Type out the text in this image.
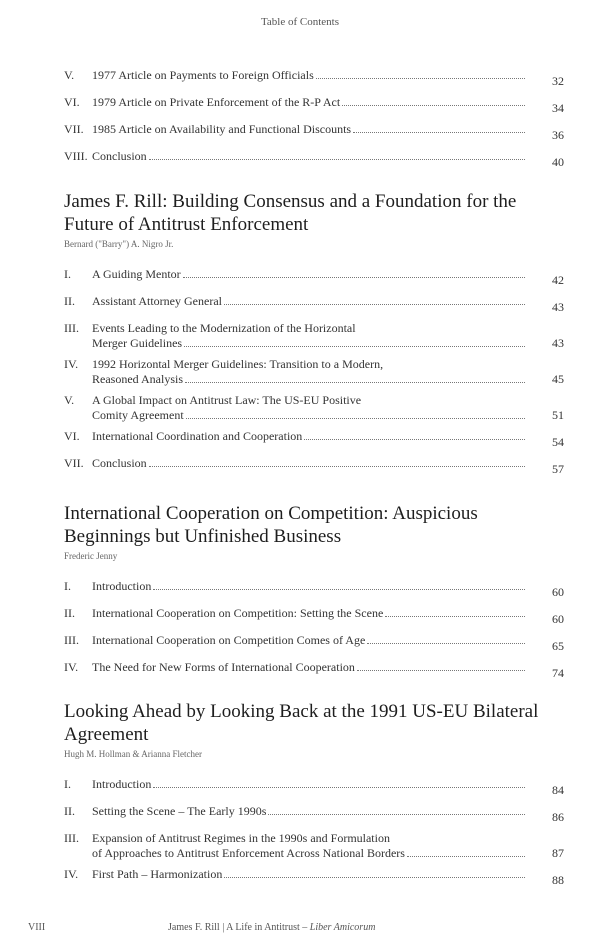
Table of Contents
V.	1977 Article on Payments to Foreign Officials	32
VI.	1979 Article on Private Enforcement of the R-P Act	34
VII. 1985 Article on Availability and Functional Discounts	36
VIII. Conclusion	40
James F. Rill: Building Consensus and a Foundation for the Future of Antitrust Enforcement
Bernard ("Barry") A. Nigro Jr.
I.	A Guiding Mentor	42
II.	Assistant Attorney General	43
III.	Events Leading to the Modernization of the Horizontal
Merger Guidelines	43
IV.	1992 Horizontal Merger Guidelines: Transition to a Modern,
Reasoned Analysis	45
V.	A Global Impact on Antitrust Law: The US-EU Positive
Comity Agreement	51
VI.	International Coordination and Cooperation	54
VII. Conclusion	57
International Cooperation on Competition: Auspicious Beginnings but Unfinished Business
Frederic Jenny
I.	Introduction	60
II.	International Cooperation on Competition: Setting the Scene	60
III.	International Cooperation on Competition Comes of Age	65
IV.	The Need for New Forms of International Cooperation	74
Looking Ahead by Looking Back at the 1991 US-EU Bilateral Agreement
Hugh M. Hollman & Arianna Fletcher
I.	Introduction	84
II.	Setting the Scene – The Early 1990s	86
III.	Expansion of Antitrust Regimes in the 1990s and Formulation
of Approaches to Antitrust Enforcement Across National Borders	87
IV.	First Path – Harmonization	88
VIII	James F. Rill | A Life in Antitrust – Liber Amicorum
